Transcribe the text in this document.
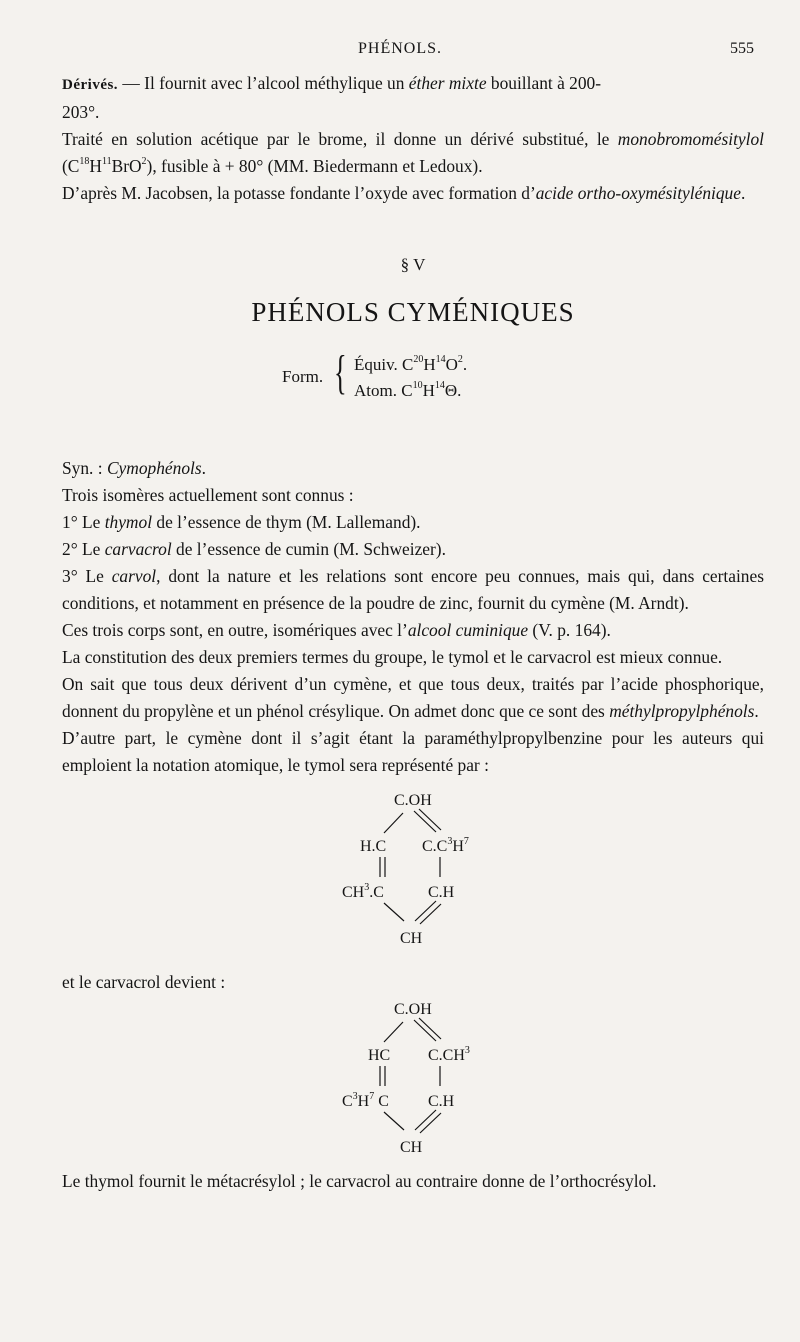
PHÉNOLS.	555

Dérivés. — Il fournit avec l’alcool méthylique un éther mixte bouillant à 200-
203°.

Traité en solution acétique par le brome, il donne un dérivé substitué, le monobromomésitylol $(C^{18}H^{11}BrO^2)$, fusible à + 80° (MM. Biedermann et Ledoux).

D’après M. Jacobsen, la potasse fondante l’oxyde avec formation d’acide ortho-oxymésitylénique.

§ V
PHÉNOLS CYMÉNIQUES
Form. { Équiv. $C^{20}H^{14}O^2$.
Atom. $C^{10}H^{14}\Theta$.

Syn. : Cymophénols.

Trois isomères actuellement sont connus :

1° Le thymol de l’essence de thym (M. Lallemand).

2° Le carvacrol de l’essence de cumin (M. Schweizer).

3° Le carvol, dont la nature et les relations sont encore peu connues, mais qui, dans certaines conditions, et notamment en présence de la poudre de zinc, fournit du cymène (M. Arndt).

Ces trois corps sont, en outre, isomériques avec l’alcool cuminique (V. p. 164).

La constitution des deux premiers termes du groupe, le tymol et le carvacrol est mieux connue.

On sait que tous deux dérivent d’un cymène, et que tous deux, traités par l’acide phosphorique, donnent du propylène et un phénol crésylique. On admet donc que ce sont des méthylpropylphénols.

D’autre part, le cymène dont il s’agit étant la paraméthylpropylbenzine pour les auteurs qui emploient la notation atomique, le tymol sera représenté par :

C.OH
H.C $C.C^3H^7$
$CH^3.C$	C.H
CH

et le carvacrol devient :

C.OH
HC $C.CH^3$
$C^3H^7$ C C.H
CH

Le thymol fournit le métacrésylol ; le carvacrol au contraire donne de l’orthocrésylol.
